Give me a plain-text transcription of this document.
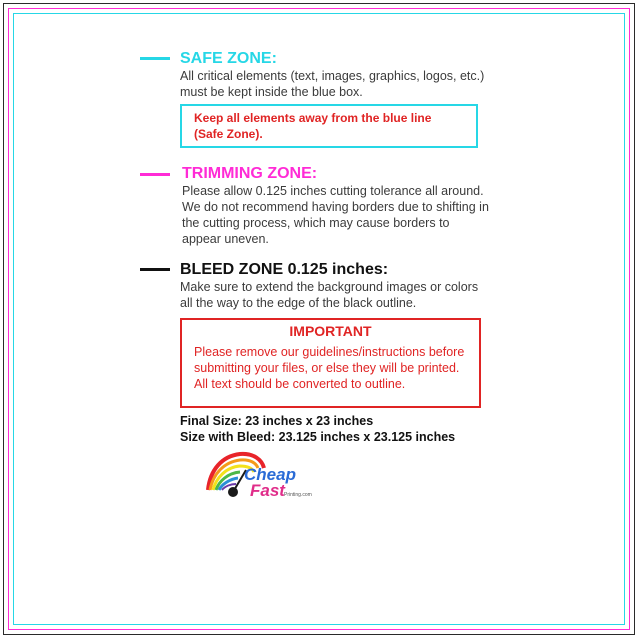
SAFE ZONE:
All critical elements (text, images, graphics, logos, etc.)
must be kept inside the blue box.
Keep all elements away from the blue line
(Safe Zone).
TRIMMING ZONE:
Please allow 0.125 inches cutting tolerance all around.
We do not recommend having borders due to shifting in
the cutting process, which may cause borders to
appear uneven.
BLEED ZONE 0.125 inches:
Make sure to extend the background images or colors
all the way to the edge of the black outline.
IMPORTANT
Please remove our guidelines/instructions before
submitting your files, or else they will be printed.
All text should be converted to outline.
Final Size: 23 inches x 23 inches
Size with Bleed: 23.125 inches x 23.125 inches
Cheap
Fast Printing.com
